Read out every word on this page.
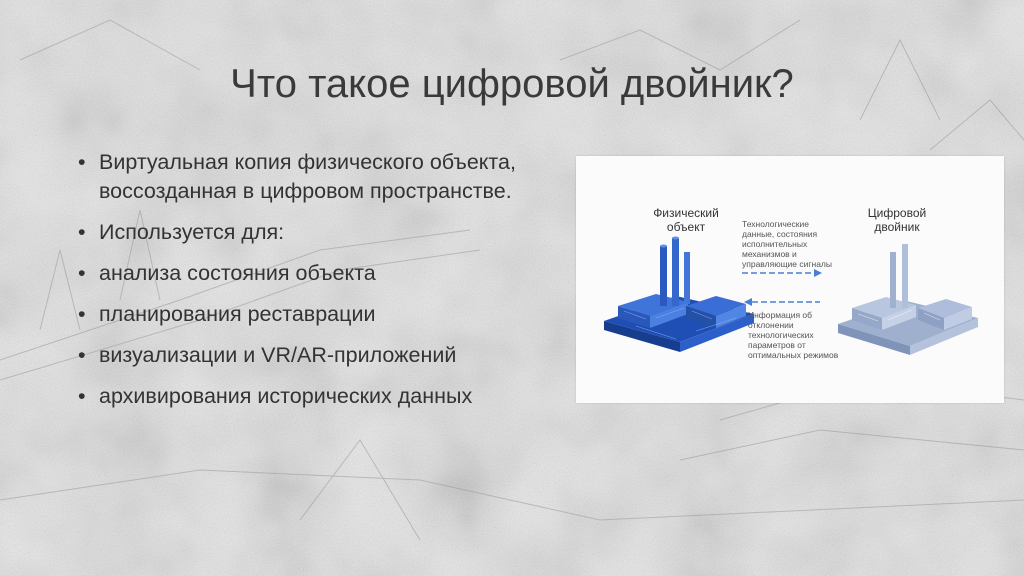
Что такое цифровой двойник?
• Виртуальная копия физического объекта, воссозданная в цифровом пространстве.
• Используется для:
• анализа состояния объекта
• планирования реставрации
• визуализации и VR/AR-приложений
• архивирования исторических данных
Физический объект
Цифровой двойник
Технологические данные, состояния исполнительных механизмов и управляющие сигналы
Информация об отклонении технологических параметров от оптимальных режимов
